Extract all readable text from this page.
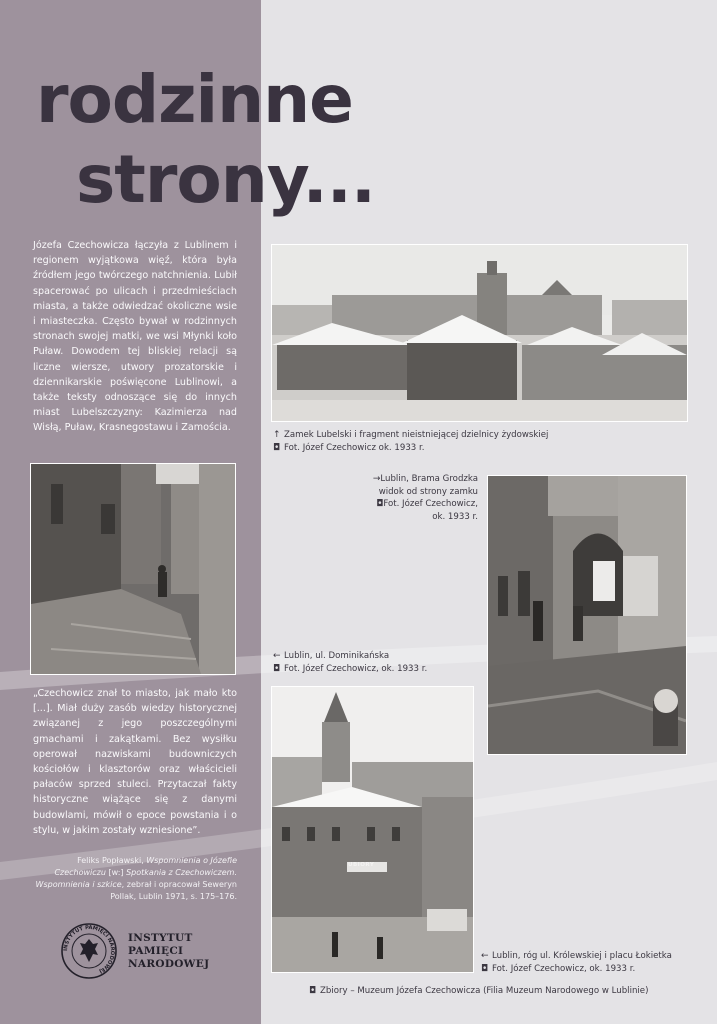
rodzinne
strony...

Józefa Czechowicza łączyła z Lublinem i regionem wyjątkowa więź, która była źródłem jego twórczego natchnienia. Lubił spacerować po ulicach i przedmieściach miasta, a także odwiedzać okoliczne wsie i miasteczka. Często bywał w rodzinnych stronach swojej matki, we wsi Młynki koło Puław. Dowodem tej bliskiej relacji są liczne wiersze, utwory prozatorskie i dziennikarskie poświęcone Lublinowi, a także teksty odnoszące się do innych miast Lubelszczyzny: Kazimierza nad Wisłą, Puław, Krasnegostawu i Zamościa.

„Czechowicz znał to miasto, jak mało kto [...]. Miał duży zasób wiedzy historycznej związanej z jego poszczególnymi gmachami i zakątkami. Bez wysiłku operował nazwiskami budowniczych kościołów i klasztorów oraz właścicieli pałaców sprzed stuleci. Przytaczał fakty historyczne wiążące się z danymi budowlami, mówił o epoce powstania i o stylu, w jakim zostały wzniesione”.

Feliks Popławski, Wspomnienia o Józefie Czechowiczu [w:] Spotkania z Czechowiczem. Wspomnienia i szkice, zebrał i opracował Seweryn Pollak, Lublin 1971, s. 175–176.

INSTYTUT PAMIĘCI NARODOWEJ
INSTYTUT
PAMIĘCI
NARODOWEJ
↑ Zamek Lubelski i fragment nieistniejącej dzielnicy żydowskiej
◘ Fot. Józef Czechowicz ok. 1933 r.
→Lublin, Brama Grodzka
widok od strony zamku
◘Fot. Józef Czechowicz,
ok. 1933 r.
← Lublin, ul. Dominikańska
◘ Fot. Józef Czechowicz, ok. 1933 r.
UBIORY
← Lublin, róg ul. Królewskiej i placu Łokietka
◘ Fot. Józef Czechowicz, ok. 1933 r.
◘ Zbiory – Muzeum Józefa Czechowicza (Filia Muzeum Narodowego w Lublinie)
